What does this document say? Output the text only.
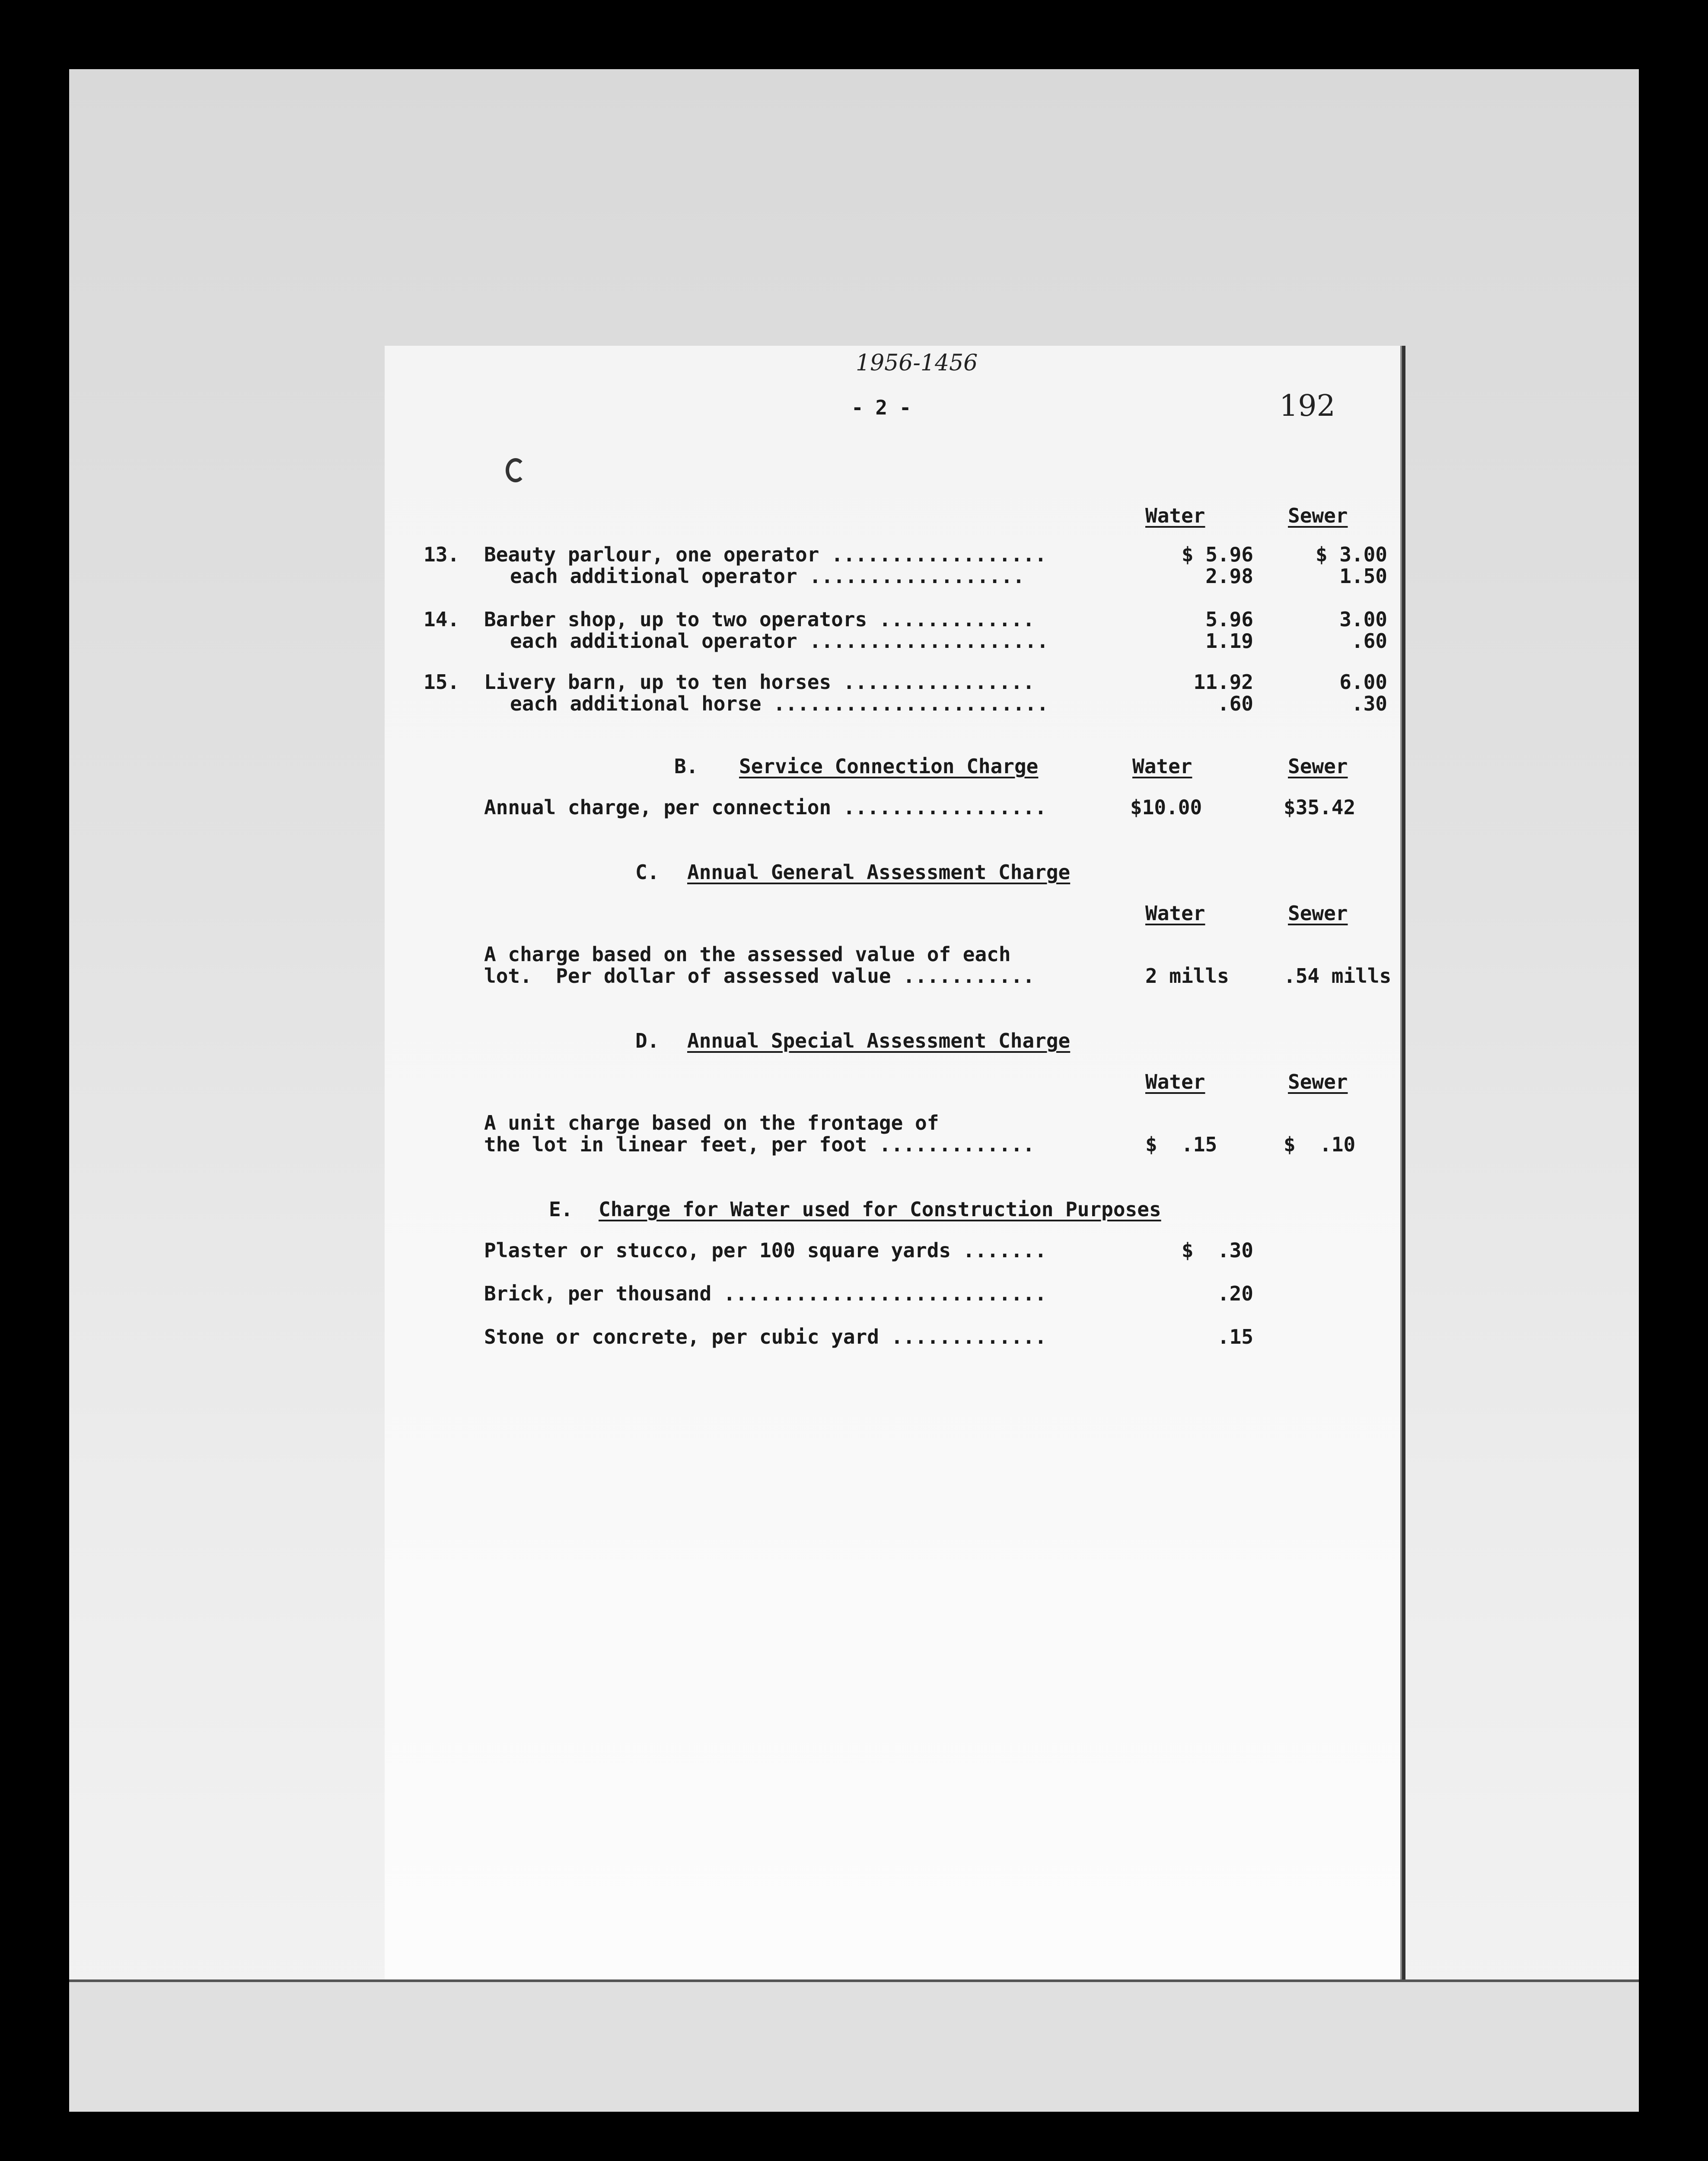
1956-1456
- 2 -	192
Water	Sewer
13. Beauty parlour, one operator ..................	$ 5.96	$ 3.00
each additional operator ..................	2.98	1.50
14. Barber shop, up to two operators .............	5.96	3.00
each additional operator ....................	1.19	.60
15. Livery barn, up to ten horses ................	11.92	6.00
each additional horse .......................	.60	.30
B. Service Connection Charge	Water	Sewer
Annual charge, per connection .................	$10.00	$35.42
C. Annual General Assessment Charge
Water	Sewer
A charge based on the assessed value of each
lot.  Per dollar of assessed value ...........	2 mills	.54 mills
D. Annual Special Assessment Charge
Water	Sewer
A unit charge based on the frontage of
the lot in linear feet, per foot .............	$  .15	$  .10
E. Charge for Water used for Construction Purposes
Plaster or stucco, per 100 square yards .......	$  .30
Brick, per thousand ...........................	.20
Stone or concrete, per cubic yard .............	.15
